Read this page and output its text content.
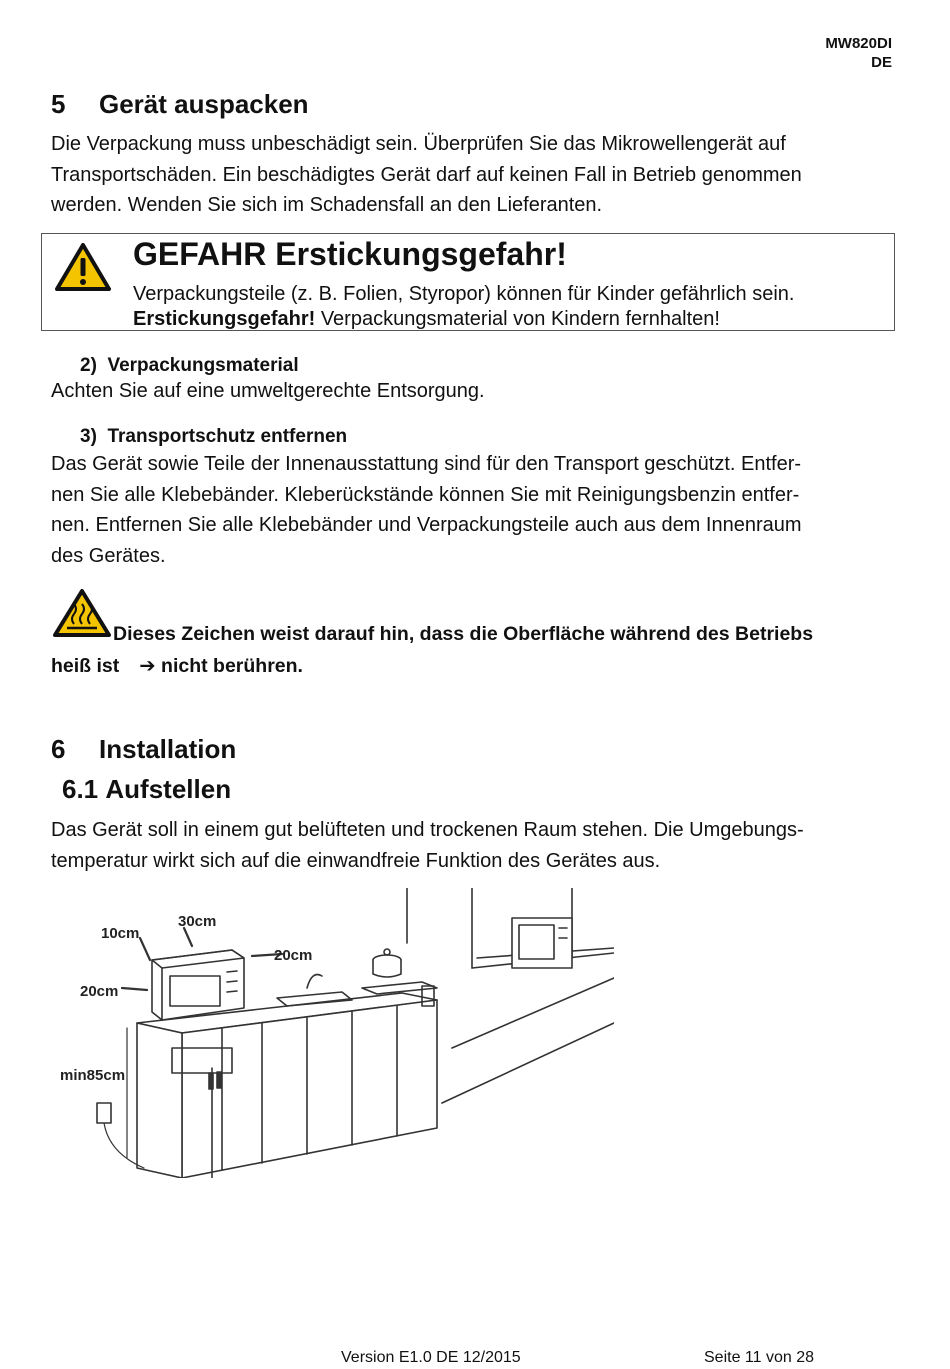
MW820DI
DE
5 Gerät auspacken
Die Verpackung muss unbeschädigt sein. Überprüfen Sie das Mikrowellengerät auf
Transportschäden. Ein beschädigtes Gerät darf auf keinen Fall in Betrieb genommen
werden. Wenden Sie sich im Schadensfall an den Lieferanten.
GEFAHR Erstickungsgefahr!
Verpackungsteile (z. B. Folien, Styropor) können für Kinder gefährlich sein.
Erstickungsgefahr! Verpackungsmaterial von Kindern fernhalten!
2) Verpackungsmaterial
Achten Sie auf eine umweltgerechte Entsorgung.
3) Transportschutz entfernen
Das Gerät sowie Teile der Innenausstattung sind für den Transport geschützt. Entfer-
nen Sie alle Klebebänder. Kleberückstände können Sie mit Reinigungsbenzin entfer-
nen. Entfernen Sie alle Klebebänder und Verpackungsteile auch aus dem Innenraum
des Gerätes.
Dieses Zeichen weist darauf hin, dass die Oberfläche während des Betriebs
heiß ist ➔ nicht berühren.
6 Installation
6.1 Aufstellen
Das Gerät soll in einem gut belüfteten und trockenen Raum stehen. Die Umgebungs-
temperatur wirkt sich auf die einwandfreie Funktion des Gerätes aus.
30cm
10cm
20cm
20cm
min85cm
Version E1.0 DE 12/2015	Seite 11 von 28
